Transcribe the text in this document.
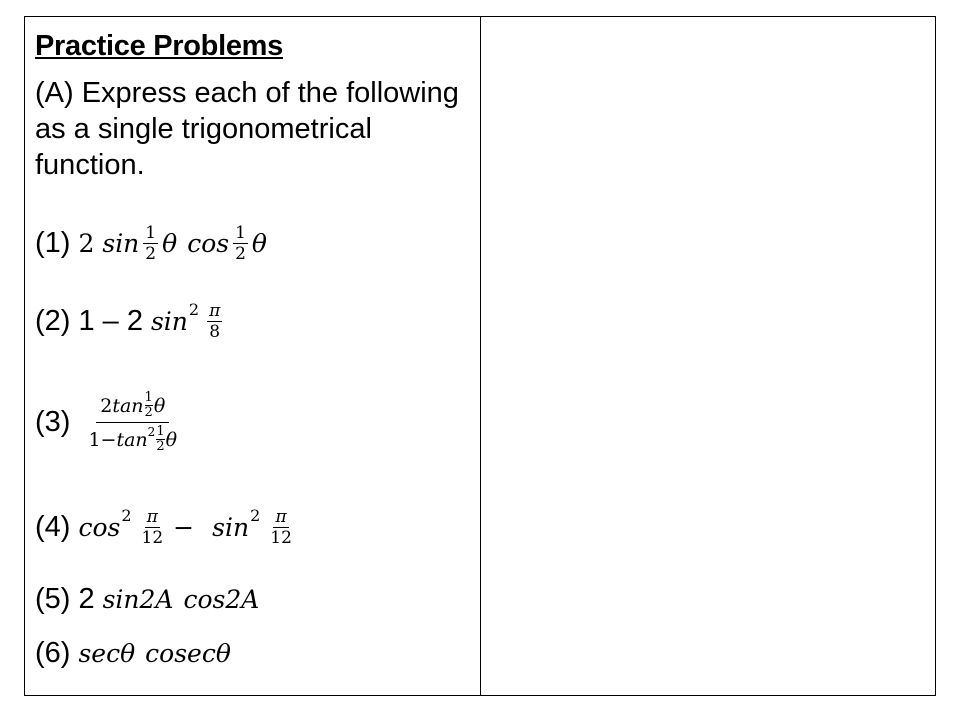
Practice Problems
(A) Express each of the following as a single trigonometrical function.
(1) 2 $\sin \frac{1}{2}$ θ $\cos \frac{1}{2}$ θ
(2) 1 – 2 $\sin 2 \frac{\pi}{8}$
(3)
2 tan 1
2 θ
1 − tan 2 1
2 θ
(4) $\cos 2 \frac{\pi}{12} - \sin 2 \frac{\pi}{12}$
(5) 2 sin2A cos2A
(6) secθ cosecθ
